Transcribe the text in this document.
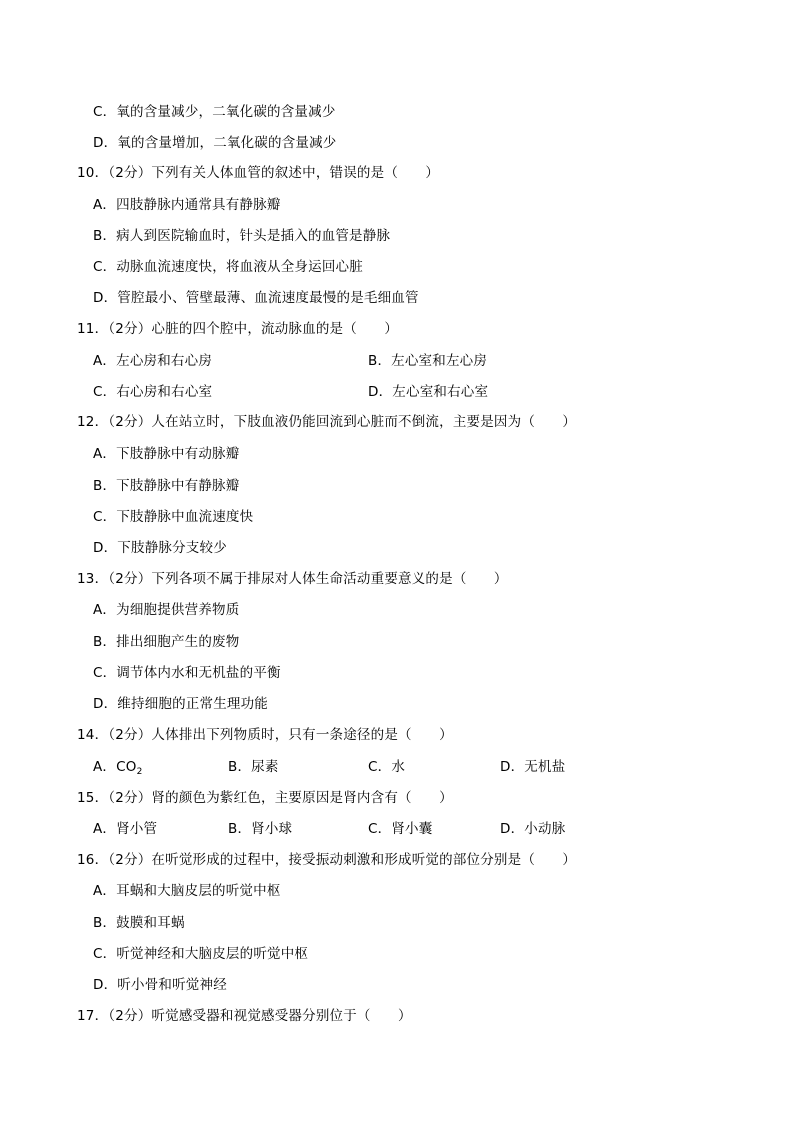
C．氧的含量减少，二氧化碳的含量减少
D．氧的含量增加，二氧化碳的含量减少
10．（2分）下列有关人体血管的叙述中，错误的是（　　）
A．四肢静脉内通常具有静脉瓣
B．病人到医院输血时，针头是插入的血管是静脉
C．动脉血流速度快，将血液从全身运回心脏
D．管腔最小、管壁最薄、血流速度最慢的是毛细血管
11．（2分）心脏的四个腔中，流动脉血的是（　　）
A．左心房和右心房	B．左心室和左心房
C．右心房和右心室	D．左心室和右心室
12．（2分）人在站立时，下肢血液仍能回流到心脏而不倒流，主要是因为（　　）
A．下肢静脉中有动脉瓣
B．下肢静脉中有静脉瓣
C．下肢静脉中血流速度快
D．下肢静脉分支较少
13．（2分）下列各项不属于排尿对人体生命活动重要意义的是（　　）
A．为细胞提供营养物质
B．排出细胞产生的废物
C．调节体内水和无机盐的平衡
D．维持细胞的正常生理功能
14．（2分）人体排出下列物质时，只有一条途径的是（　　）
A．$CO_2$	B．尿素	C．水	D．无机盐
15．（2分）肾的颜色为紫红色，主要原因是肾内含有（　　）
A．肾小管	B．肾小球	C．肾小囊	D．小动脉
16．（2分）在听觉形成的过程中，接受振动刺激和形成听觉的部位分别是（　　）
A．耳蜗和大脑皮层的听觉中枢
B．鼓膜和耳蜗
C．听觉神经和大脑皮层的听觉中枢
D．听小骨和听觉神经
17．（2分）听觉感受器和视觉感受器分别位于（　　）
